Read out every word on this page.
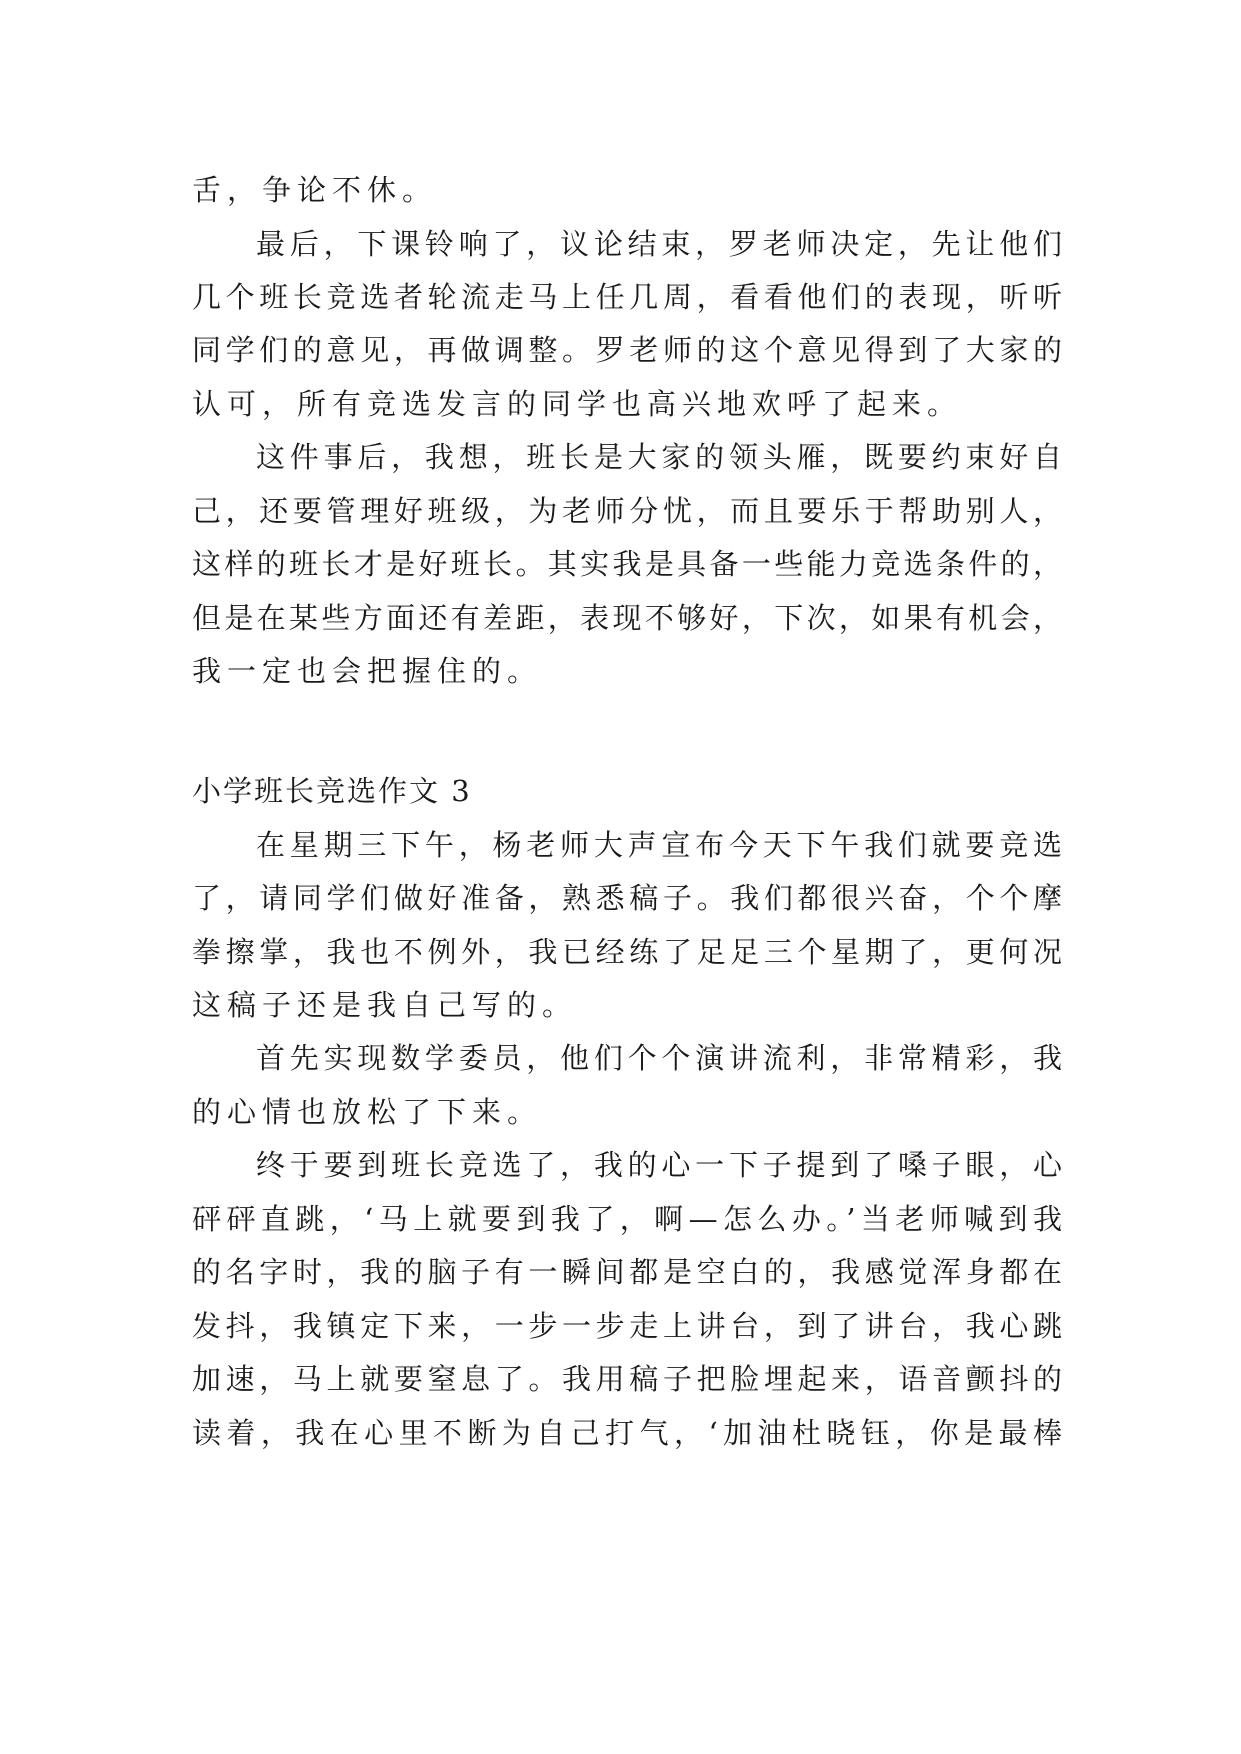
舌，争论不休。
最后，下课铃响了，议论结束，罗老师决定，先让他们
几个班长竞选者轮流走马上任几周，看看他们的表现，听听
同学们的意见，再做调整。罗老师的这个意见得到了大家的
认可，所有竞选发言的同学也高兴地欢呼了起来。
这件事后，我想，班长是大家的领头雁，既要约束好自
己，还要管理好班级，为老师分忧，而且要乐于帮助别人，
这样的班长才是好班长。其实我是具备一些能力竞选条件的，
但是在某些方面还有差距，表现不够好，下次，如果有机会，
我一定也会把握住的。
小学班长竞选作文 3
在星期三下午，杨老师大声宣布今天下午我们就要竞选
了，请同学们做好准备，熟悉稿子。我们都很兴奋，个个摩
拳擦掌，我也不例外，我已经练了足足三个星期了，更何况
这稿子还是我自己写的。
首先实现数学委员，他们个个演讲流利，非常精彩，我
的心情也放松了下来。
终于要到班长竞选了，我的心一下子提到了嗓子眼，心
砰砰直跳，‘马上就要到我了，啊—怎么办。’当老师喊到我
的名字时，我的脑子有一瞬间都是空白的，我感觉浑身都在
发抖，我镇定下来，一步一步走上讲台，到了讲台，我心跳
加速，马上就要窒息了。我用稿子把脸埋起来，语音颤抖的
读着，我在心里不断为自己打气，‘加油杜晓钰，你是最棒
